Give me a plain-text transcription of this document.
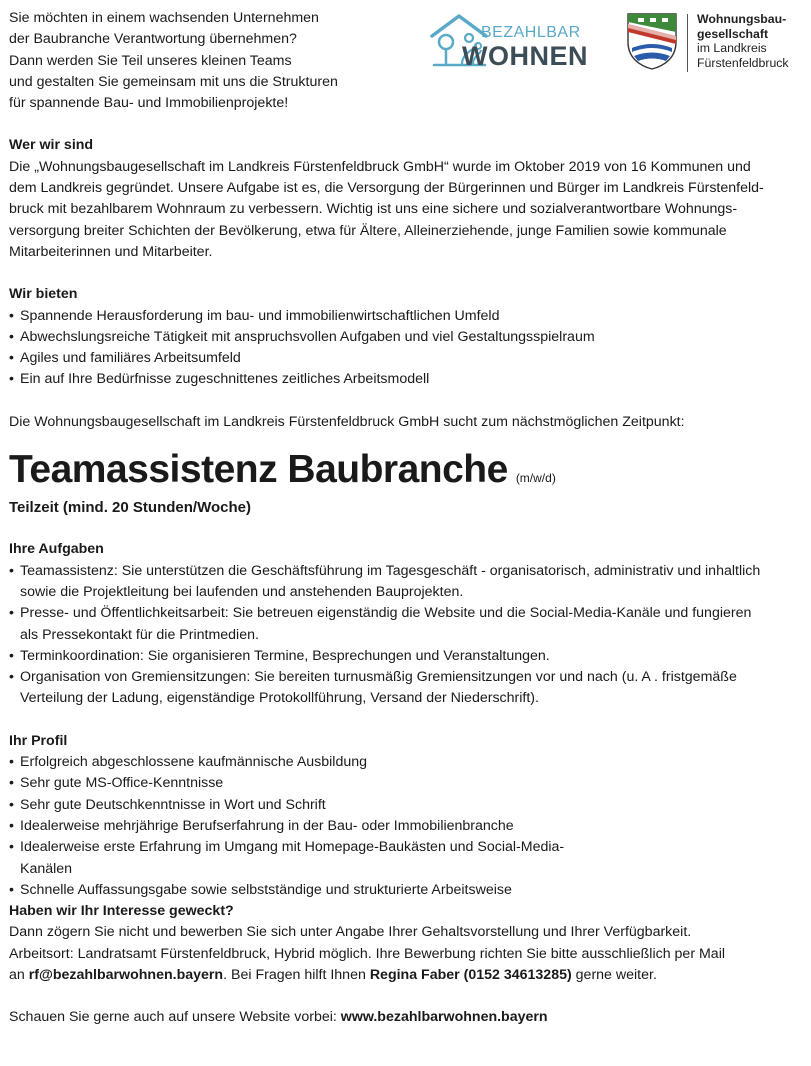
BEZAHLBAR
WOHNEN
Wohnungsbau-
gesellschaft
im Landkreis
Fürstenfeldbruck
Sie möchten in einem wachsenden Unternehmen
der Baubranche Verantwortung übernehmen?
Dann werden Sie Teil unseres kleinen Teams
und gestalten Sie gemeinsam mit uns die Strukturen
für spannende Bau- und Immobilienprojekte!
Wer wir sind
Die „Wohnungsbaugesellschaft im Landkreis Fürstenfeldbruck GmbH“ wurde im Oktober 2019 von 16 Kommunen und
dem Landkreis gegründet. Unsere Aufgabe ist es, die Versorgung der Bürgerinnen und Bürger im Landkreis Fürstenfeld-
bruck mit bezahlbarem Wohnraum zu verbessern. Wichtig ist uns eine sichere und sozialverantwortbare Wohnungs-
versorgung breiter Schichten der Bevölkerung, etwa für Ältere, Alleinerziehende, junge Familien sowie kommunale
Mitarbeiterinnen und Mitarbeiter.
Wir bieten
• Spannende Herausforderung im bau- und immobilienwirtschaftlichen Umfeld
• Abwechslungsreiche Tätigkeit mit anspruchsvollen Aufgaben und viel Gestaltungsspielraum
• Agiles und familiäres Arbeitsumfeld
• Ein auf Ihre Bedürfnisse zugeschnittenes zeitliches Arbeitsmodell
Die Wohnungsbaugesellschaft im Landkreis Fürstenfeldbruck GmbH sucht zum nächstmöglichen Zeitpunkt:
Teamassistenz Baubranche (m/w/d)
Teilzeit (mind. 20 Stunden/Woche)
Ihre Aufgaben
• Teamassistenz: Sie unterstützen die Geschäftsführung im Tagesgeschäft - organisatorisch, administrativ und inhaltlich
sowie die Projektleitung bei laufenden und anstehenden Bauprojekten.
• Presse- und Öffentlichkeitsarbeit: Sie betreuen eigenständig die Website und die Social-Media-Kanäle und fungieren
als Pressekontakt für die Printmedien.
• Terminkoordination: Sie organisieren Termine, Besprechungen und Veranstaltungen.
• Organisation von Gremiensitzungen: Sie bereiten turnusmäßig Gremiensitzungen vor und nach (u. A . fristgemäße
Verteilung der Ladung, eigenständige Protokollführung, Versand der Niederschrift).
Ihr Profil
• Erfolgreich abgeschlossene kaufmännische Ausbildung
• Sehr gute MS-Office-Kenntnisse
• Sehr gute Deutschkenntnisse in Wort und Schrift
• Idealerweise mehrjährige Berufserfahrung in der Bau- oder Immobilienbranche
• Idealerweise erste Erfahrung im Umgang mit Homepage-Baukästen und Social-Media-
Kanälen
• Schnelle Auffassungsgabe sowie selbstständige und strukturierte Arbeitsweise
Haben wir Ihr Interesse geweckt?
Dann zögern Sie nicht und bewerben Sie sich unter Angabe Ihrer Gehaltsvorstellung und Ihrer Verfügbarkeit.
Arbeitsort: Landratsamt Fürstenfeldbruck, Hybrid möglich. Ihre Bewerbung richten Sie bitte ausschließlich per Mail
an rf@bezahlbarwohnen.bayern. Bei Fragen hilft Ihnen Regina Faber (0152 34613285) gerne weiter.
Schauen Sie gerne auch auf unsere Website vorbei: www.bezahlbarwohnen.bayern
